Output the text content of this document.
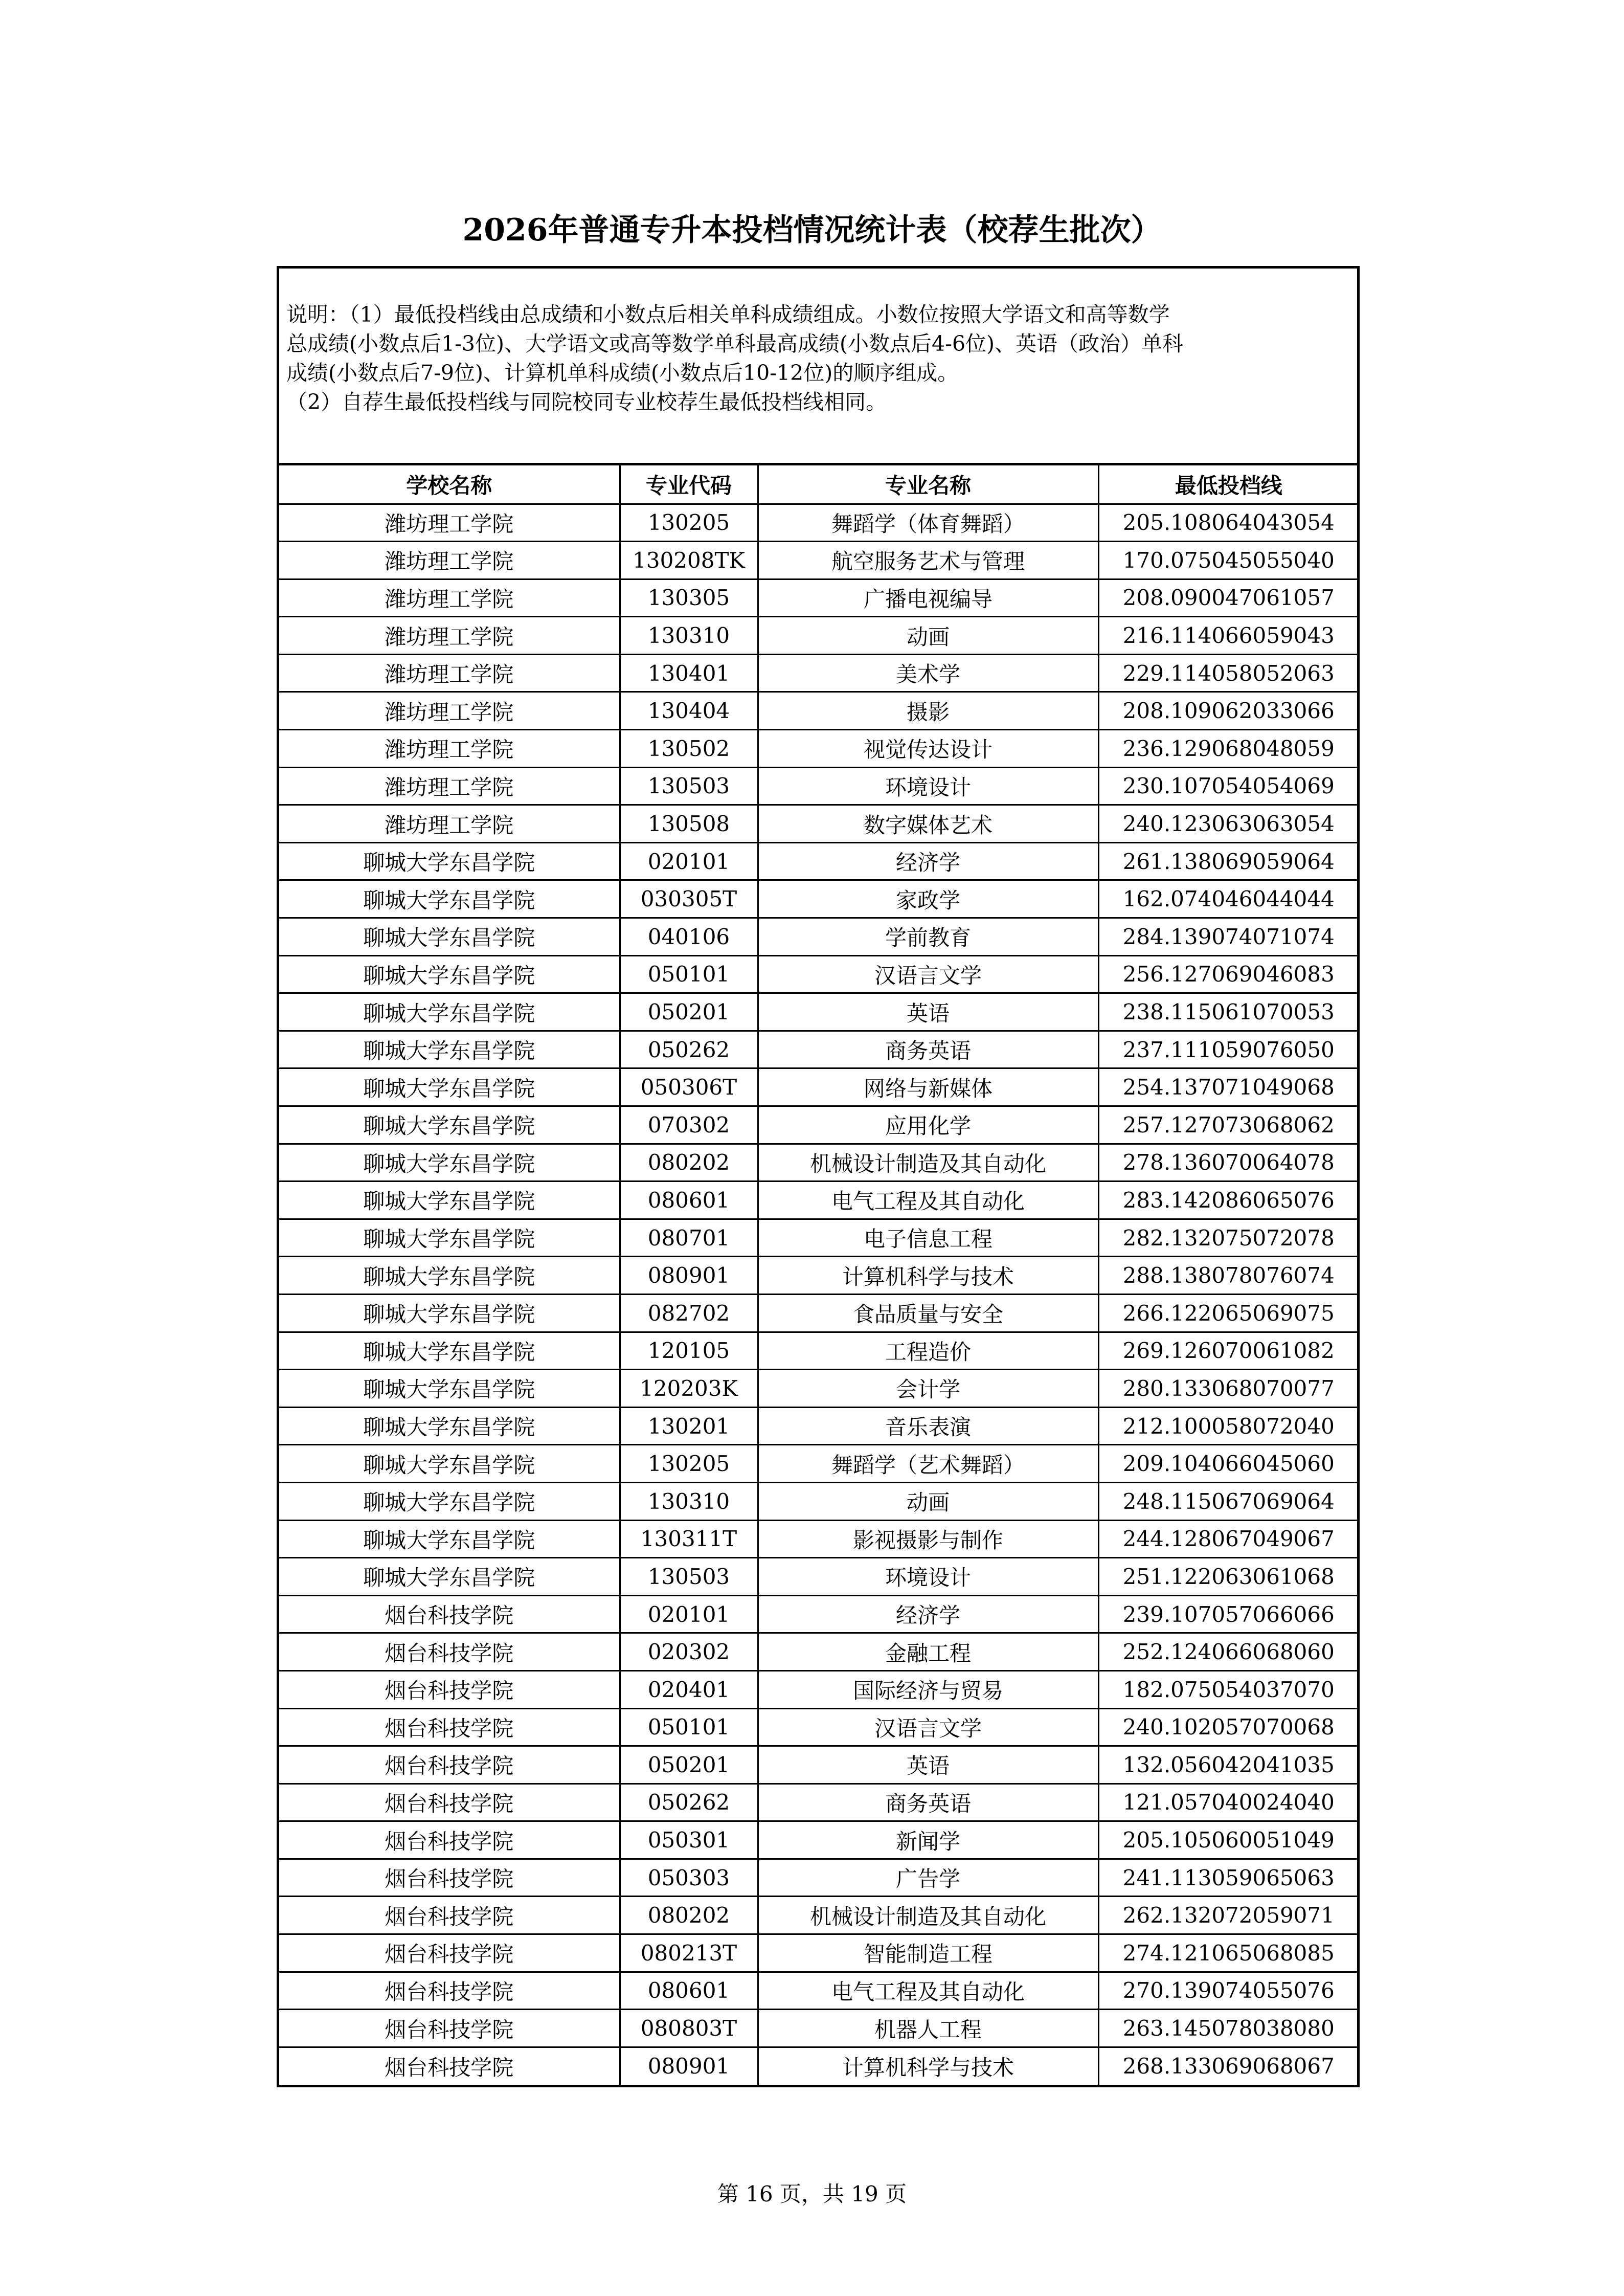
2026年普通专升本投档情况统计表（校荐生批次）

说明：（1）最低投档线由总成绩和小数点后相关单科成绩组成。小数位按照大学语文和高等数学

总成绩(小数点后1-3位)、大学语文或高等数学单科最高成绩(小数点后4-6位)、英语（政治）单科

成绩(小数点后7-9位)、计算机单科成绩(小数点后10-12位)的顺序组成。

（2）自荐生最低投档线与同院校同专业校荐生最低投档线相同。

学校名称	专业代码	专业名称	最低投档线
潍坊理工学院	130205	舞蹈学（体育舞蹈）	205.108064043054
潍坊理工学院	130208TK	航空服务艺术与管理	170.075045055040
潍坊理工学院	130305	广播电视编导	208.090047061057
潍坊理工学院	130310	动画	216.114066059043
潍坊理工学院	130401	美术学	229.114058052063
潍坊理工学院	130404	摄影	208.109062033066
潍坊理工学院	130502	视觉传达设计	236.129068048059
潍坊理工学院	130503	环境设计	230.107054054069
潍坊理工学院	130508	数字媒体艺术	240.123063063054
聊城大学东昌学院	020101	经济学	261.138069059064
聊城大学东昌学院	030305T	家政学	162.074046044044
聊城大学东昌学院	040106	学前教育	284.139074071074
聊城大学东昌学院	050101	汉语言文学	256.127069046083
聊城大学东昌学院	050201	英语	238.115061070053
聊城大学东昌学院	050262	商务英语	237.111059076050
聊城大学东昌学院	050306T	网络与新媒体	254.137071049068
聊城大学东昌学院	070302	应用化学	257.127073068062
聊城大学东昌学院	080202	机械设计制造及其自动化	278.136070064078
聊城大学东昌学院	080601	电气工程及其自动化	283.142086065076
聊城大学东昌学院	080701	电子信息工程	282.132075072078
聊城大学东昌学院	080901	计算机科学与技术	288.138078076074
聊城大学东昌学院	082702	食品质量与安全	266.122065069075
聊城大学东昌学院	120105	工程造价	269.126070061082
聊城大学东昌学院	120203K	会计学	280.133068070077
聊城大学东昌学院	130201	音乐表演	212.100058072040
聊城大学东昌学院	130205	舞蹈学（艺术舞蹈）	209.104066045060
聊城大学东昌学院	130310	动画	248.115067069064
聊城大学东昌学院	130311T	影视摄影与制作	244.128067049067
聊城大学东昌学院	130503	环境设计	251.122063061068
烟台科技学院	020101	经济学	239.107057066066
烟台科技学院	020302	金融工程	252.124066068060
烟台科技学院	020401	国际经济与贸易	182.075054037070
烟台科技学院	050101	汉语言文学	240.102057070068
烟台科技学院	050201	英语	132.056042041035
烟台科技学院	050262	商务英语	121.057040024040
烟台科技学院	050301	新闻学	205.105060051049
烟台科技学院	050303	广告学	241.113059065063
烟台科技学院	080202	机械设计制造及其自动化	262.132072059071
烟台科技学院	080213T	智能制造工程	274.121065068085
烟台科技学院	080601	电气工程及其自动化	270.139074055076
烟台科技学院	080803T	机器人工程	263.145078038080
烟台科技学院	080901	计算机科学与技术	268.133069068067
第 16 页，共 19 页
